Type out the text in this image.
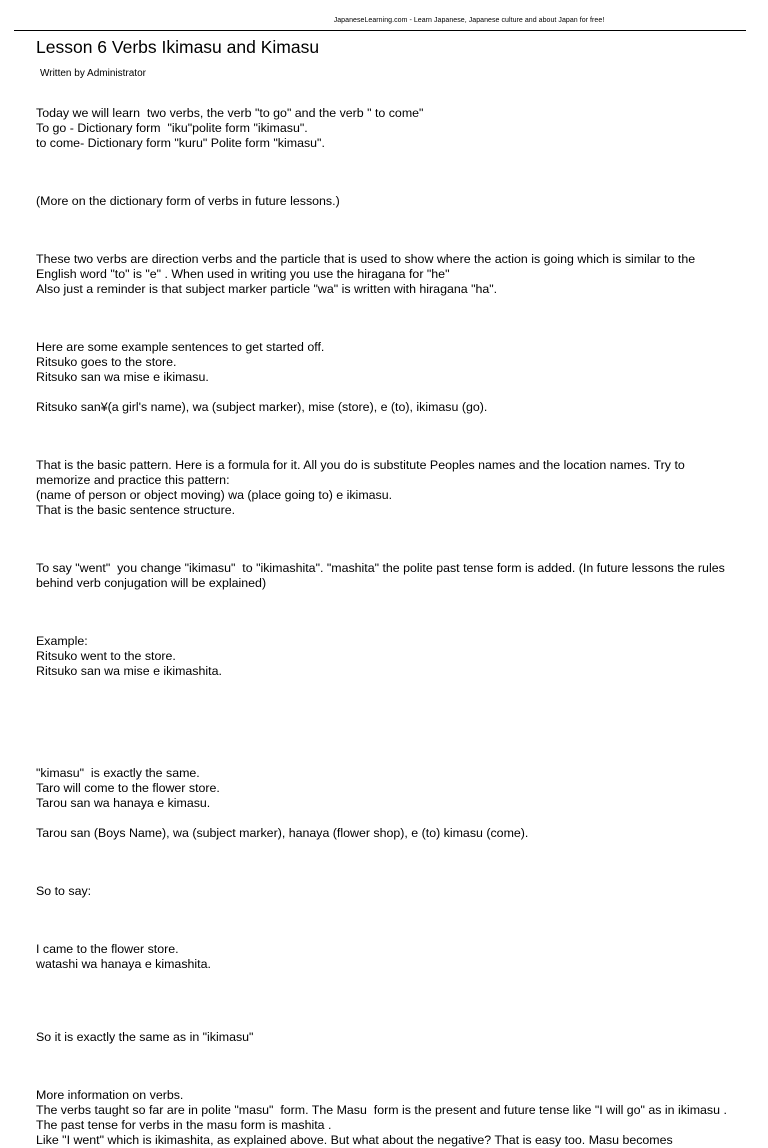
JapaneseLearning.com - Learn Japanese, Japanese culture and about Japan for free!
Lesson 6 Verbs Ikimasu and Kimasu
Written by Administrator
Today we will learn  two verbs, the verb "to go" and the verb " to come"
To go - Dictionary form  "iku"polite form "ikimasu".
to come- Dictionary form "kuru" Polite form "kimasu".
(More on the dictionary form of verbs in future lessons.)
These two verbs are direction verbs and the particle that is used to show where the action is going which is similar to the English word "to" is "e" . When used in writing you use the hiragana for "he"
Also just a reminder is that subject marker particle "wa" is written with hiragana "ha".
Here are some example sentences to get started off.
Ritsuko goes to the store.
Ritsuko san wa mise e ikimasu.
Ritsuko san¥(a girl's name), wa (subject marker), mise (store), e (to), ikimasu (go).
That is the basic pattern. Here is a formula for it. All you do is substitute Peoples names and the location names. Try to memorize and practice this pattern:
(name of person or object moving) wa (place going to) e ikimasu.
That is the basic sentence structure.
To say "went"  you change "ikimasu"  to "ikimashita". "mashita" the polite past tense form is added. (In future lessons the rules behind verb conjugation will be explained)
Example:
Ritsuko went to the store.
Ritsuko san wa mise e ikimashita.
"kimasu"  is exactly the same.
Taro will come to the flower store.
Tarou san wa hanaya e kimasu.
Tarou san (Boys Name), wa (subject marker), hanaya (flower shop), e (to) kimasu (come).
So to say:
I came to the flower store.
watashi wa hanaya e kimashita.
So it is exactly the same as in "ikimasu"
More information on verbs.
The verbs taught so far are in polite "masu"  form. The Masu  form is the present and future tense like "I will go" as in ikimasu .
The past tense for verbs in the masu form is mashita .
Like "I went" which is ikimashita, as explained above. But what about the negative? That is easy too. Masu becomes
